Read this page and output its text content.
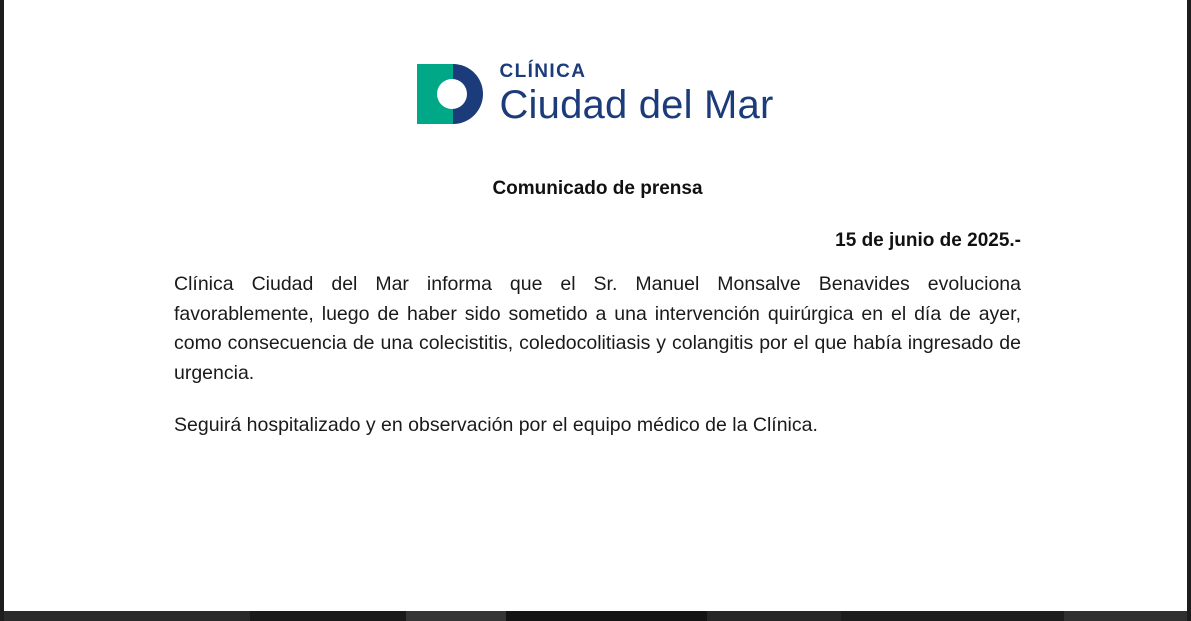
CLÍNICA
Ciudad del Mar
Comunicado de prensa
15 de junio de 2025.-

Clínica Ciudad del Mar informa que el Sr. Manuel Monsalve Benavides evoluciona favorablemente, luego de haber sido sometido a una intervención quirúrgica en el día de ayer, como consecuencia de una colecistitis, coledocolitiasis y colangitis por el que había ingresado de urgencia.

Seguirá hospitalizado y en observación por el equipo médico de la Clínica.
